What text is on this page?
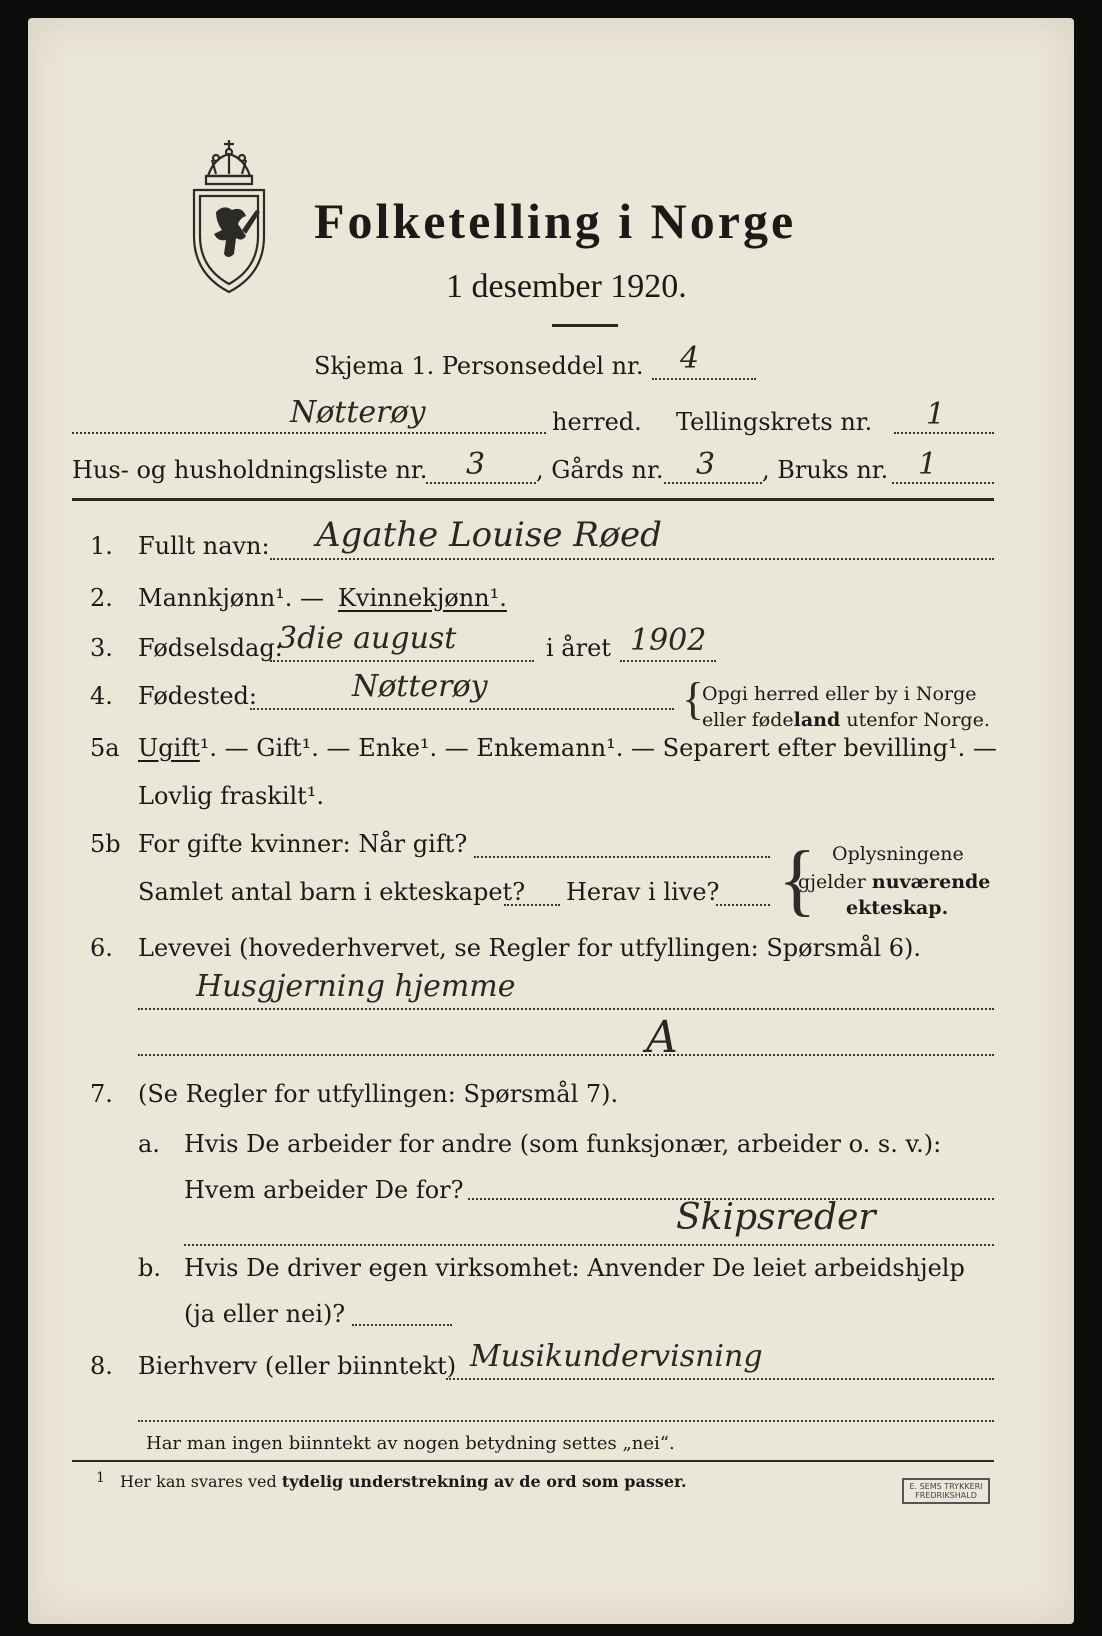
Folketelling i Norge
1 desember 1920.
Skjema 1. Personseddel nr. 4
Nøtterøy	herred. Tellingskrets nr. 1
Hus- og husholdningsliste nr. 3 , Gårds nr. 3 , Bruks nr. 1
1. Fullt navn: Agathe Louise Røed
2. Mannkjønn¹. — Kvinnekjønn¹.
3. Fødselsdag:
3die august	i året 1902
4. Fødested:	Nøtterøy	{
Opgi herred eller by i Norge
eller fødeland utenfor Norge.
5a Ugift¹. — Gift¹. — Enke¹. — Enkemann¹. — Separert efter bevilling¹. —
Lovlig fraskilt¹.
5b For gifte kvinner: Når gift?
Samlet antal barn i ekteskapet? Herav i live? { Oplysningene
gjelder nuværende
ekteskap.
6. Levevei (hovederhvervet, se Regler for utfyllingen: Spørsmål 6).
Husgjerning hjemme
A
7. (Se Regler for utfyllingen: Spørsmål 7).
a. Hvis De arbeider for andre (som funksjonær, arbeider o. s. v.):
Hvem arbeider De for?
Skipsreder
b. Hvis De driver egen virksomhet: Anvender De leiet arbeidshjelp
(ja eller nei)?
8. Bierhverv (eller biinntekt) Musikundervisning
Har man ingen biinntekt av nogen betydning settes „nei“.
1 Her kan svares ved tydelig understrekning av de ord som passer.	E. SEMS TRYKKERI
FREDRIKSHALD
